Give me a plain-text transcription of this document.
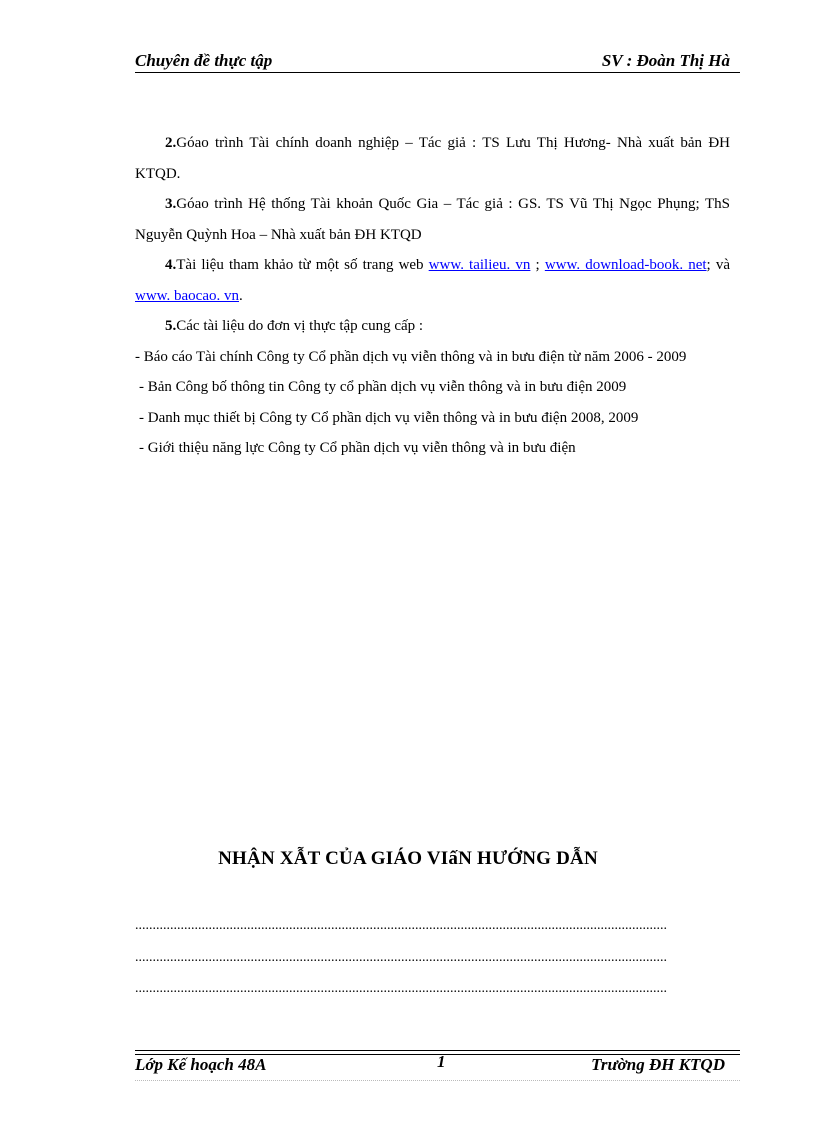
Chuyên đề thực tập	SV : Đoàn Thị Hà

2.Góao trình Tài chính doanh nghiệp – Tác giả : TS Lưu Thị Hương- Nhà xuất bản ĐH KTQD.

3.Góao trình Hệ thống Tài khoản Quốc Gia – Tác giả : GS. TS Vũ Thị Ngọc Phụng; ThS Nguyễn Quỳnh Hoa – Nhà xuất bản ĐH KTQD

4.Tài liệu tham khảo từ một số trang web www. tailieu. vn ; www. download-book. net; và www. baocao. vn.

5.Các tài liệu do đơn vị thực tập cung cấp :

- Báo cáo Tài chính Công ty Cổ phần dịch vụ viễn thông và in bưu điện từ năm 2006 - 2009

- Bản Công bố thông tin Công ty cổ phần dịch vụ viễn thông và in bưu điện 2009

- Danh mục thiết bị Công ty Cổ phần dịch vụ viễn thông và in bưu điện 2008, 2009

- Giới thiệu năng lực Công ty Cổ phần dịch vụ viễn thông và in bưu điện

NHẬN XẪT CỦA GIÁO VIấN HƯỚNG DẪN
........................................................................................................................................................
........................................................................................................................................................
........................................................................................................................................................
Lớp Kế hoạch 48A	1	Trường ĐH KTQD
